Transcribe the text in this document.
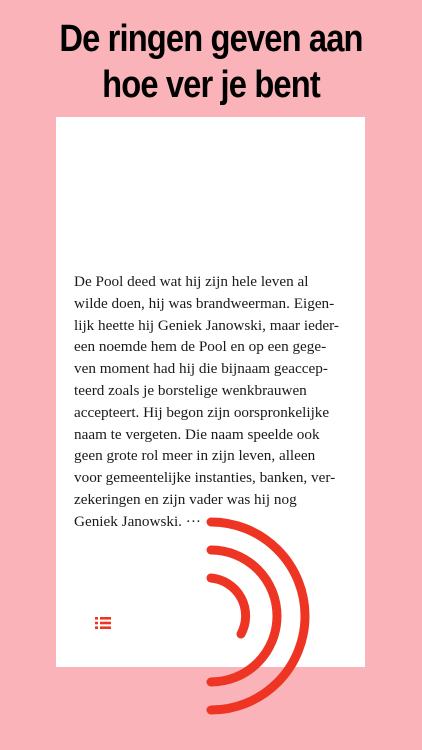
De ringen geven aan
hoe ver je bent

De Pool deed wat hij zijn hele leven al
wilde doen, hij was brandweerman. Eigen-
lijk heette hij Geniek Janowski, maar ieder-
een noemde hem de Pool en op een gege-
ven moment had hij die bijnaam geaccep-
teerd zoals je borstelige wenkbrauwen
accepteert. Hij begon zijn oorspronkelijke
naam te vergeten. Die naam speelde ook
geen grote rol meer in zijn leven, alleen
voor gemeentelijke instanties, banken, ver-
zekeringen en zijn vader was hij nog
Geniek Janowski. ···
